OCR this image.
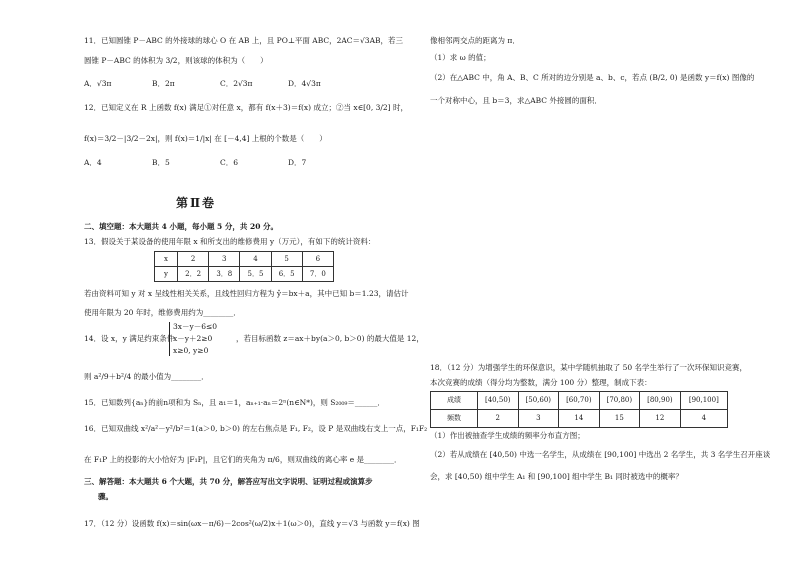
11．已知圆锥 P－ABC 的外接球的球心 O 在 AB 上，且 PO⊥平面 ABC，2AC＝√3AB，若三
圆锥 P－ABC 的体积为 3/2，则该球的体积为（　　）
A．√3π	B．2π	C．2√3π	D．4√3π
12．已知定义在 R 上函数 f(x) 满足①对任意 x，都有 f(x＋3)＝f(x) 成立；②当 x∈[0, 3/2] 时，
f(x)＝3/2－|3/2－2x|，则 f(x)＝1/|x| 在 [－4,4] 上根的个数是（　　）
A．4	B．5	C．6	D．7
第Ⅱ卷
二、填空题：本大题共 4 小题，每小题 5 分，共 20 分。
13．假设关于某设备的使用年限 x 和所支出的维修费用 y（万元），有如下的统计资料：
x	2	3	4	5	6
y	2．2	3．8	5．5	6．5	7．0
若由资料可知 y 对 x 呈线性相关关系，且线性回归方程为 ŷ＝bx＋a，其中已知 b＝1.23，请估计
使用年限为 20 年时，维修费用约为________．
14．设 x，y 满足约束条件
3x－y－6≤0
x－y＋2≥0
x≥0, y≥0
，若目标函数 z＝ax＋by(a＞0, b＞0) 的最大值是 12，
则 a²/9＋b²/4 的最小值为________．
15．已知数列{aₙ}的前n项和为 Sₙ，且 a₁＝1，aₙ₊₁·aₙ＝2ⁿ(n∈N*)，则 S₂₀₀₉＝______．
16．已知双曲线 x²/a²－y²/b²＝1(a＞0, b＞0) 的左右焦点是 F₁, F₂，设 P 是双曲线右支上一点，F₁F₂
在 F₁P 上的投影的大小恰好为 |F₁P|，且它们的夹角为 π/6，则双曲线的离心率 e 是________．
三、解答题：本大题共 6 个大题，共 70 分，解答应写出文字说明、证明过程或演算步
骤。
17．（12 分）设函数 f(x)＝sin(ωx－π/6)－2cos²(ω/2)x＋1(ω＞0)，直线 y＝√3 与函数 y＝f(x) 图
像相邻两交点的距离为 π．
（1）求 ω 的值；
（2）在△ABC 中，角 A、B、C 所对的边分别是 a、b、c，若点 (B/2, 0) 是函数 y＝f(x) 图像的
一个对称中心，且 b＝3，求△ABC 外接圆的面积．
18．（12 分）为增强学生的环保意识，某中学随机抽取了 50 名学生举行了一次环保知识竞赛，
本次竞赛的成绩（得分均为整数，满分 100 分）整理，制成下表：
成绩	[40,50)	[50,60)	[60,70)	[70,80)	[80,90)	[90,100]
频数	2	3	14	15	12	4
（1）作出被抽查学生成绩的频率分布直方图；
（2）若从成绩在 [40,50) 中选一名学生，从成绩在 [90,100] 中选出 2 名学生，共 3 名学生召开座谈
会，求 [40,50) 组中学生 A₁ 和 [90,100] 组中学生 B₁ 同时被选中的概率？
